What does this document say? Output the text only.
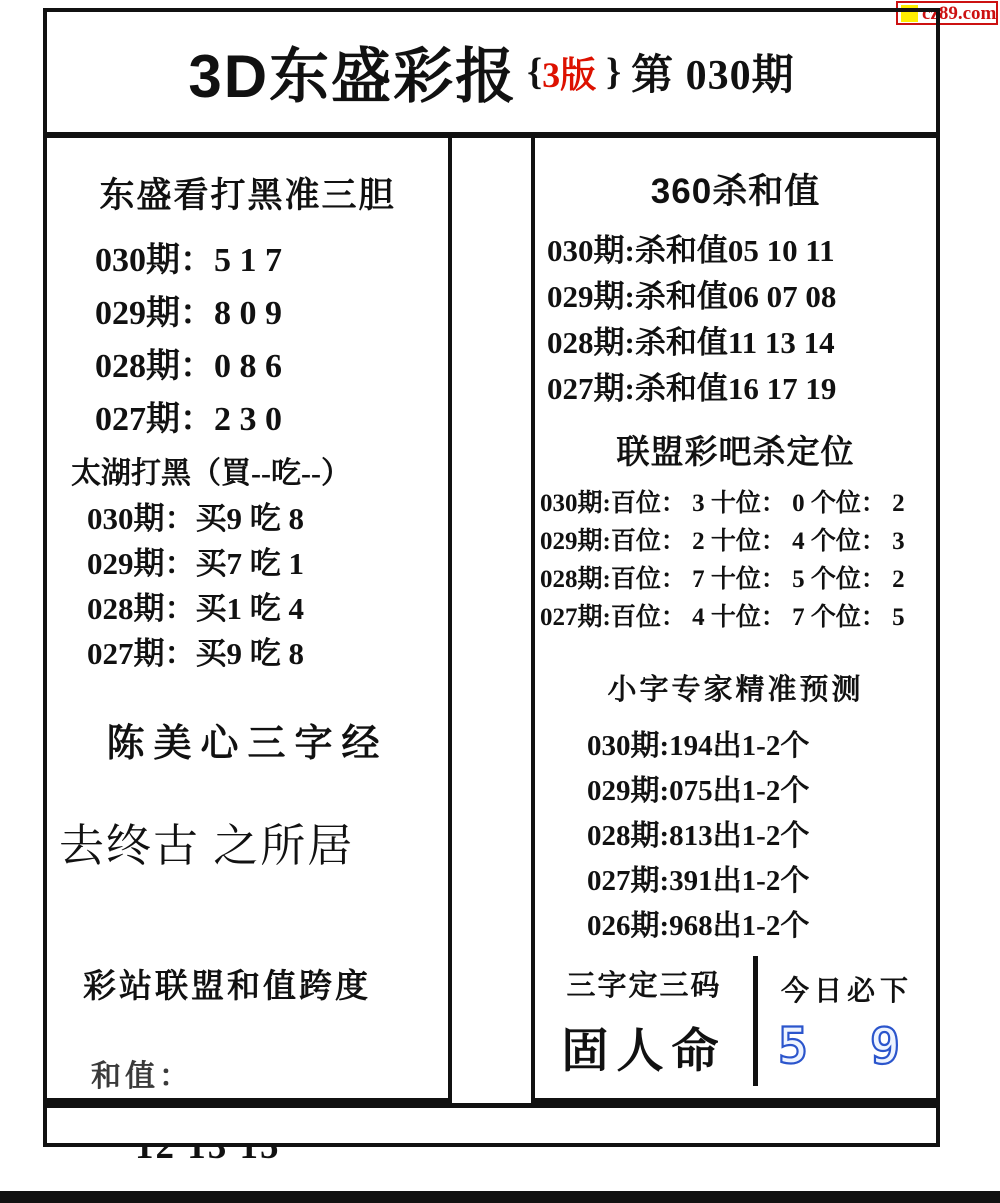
cz89.com
3D东盛彩报 { 3版 } 第 030期
东盛看打黑准三胆
030期：5 1 7
029期：8 0 9
028期：0 8 6
027期：2 3 0
太湖打黑（買--吃--）
030期：买9 吃 8
029期：买7 吃 1
028期：买1 吃 4
027期：买9 吃 8
陈美心三字经
去终古 之所居
彩站联盟和值跨度
和值：
360杀和值
030期:杀和值05 10 11
029期:杀和值06 07 08
028期:杀和值11 13 14
027期:杀和值16 17 19
联盟彩吧杀定位
030期:百位： 3 十位： 0 个位： 2
029期:百位： 2 十位： 4 个位： 3
028期:百位： 7 十位： 5 个位： 2
027期:百位： 4 十位： 7 个位： 5
小字专家精准预测
030期:194出1-2个
029期:075出1-2个
028期:813出1-2个
027期:391出1-2个
026期:968出1-2个
三字定三码
固人命
今日必下
5 9
